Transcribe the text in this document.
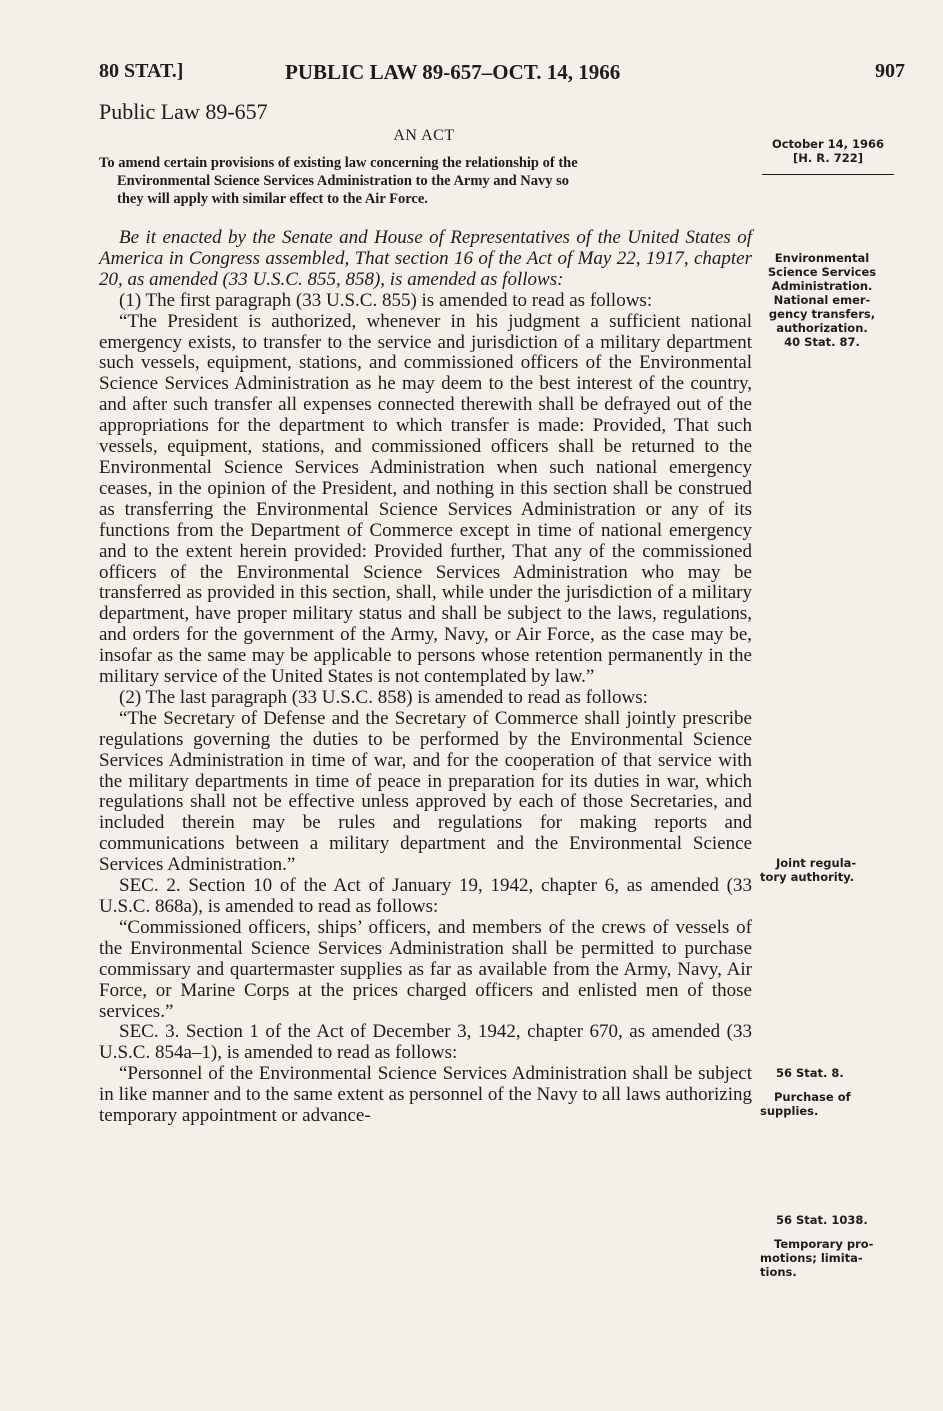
80 STAT.]	PUBLIC LAW 89-657–OCT. 14, 1966	907
Public Law 89-657
AN ACT
To amend certain provisions of existing law concerning the relationship of the
Environmental Science Services Administration to the Army and Navy so
they will apply with similar effect to the Air Force.

Be it enacted by the Senate and House of Representatives of the United States of America in Congress assembled, That section 16 of the Act of May 22, 1917, chapter 20, as amended (33 U.S.C. 855, 858), is amended as follows:

(1) The first paragraph (33 U.S.C. 855) is amended to read as follows:

“The President is authorized, whenever in his judgment a sufficient national emergency exists, to transfer to the service and jurisdiction of a military department such vessels, equipment, stations, and commissioned officers of the Environmental Science Services Administration as he may deem to the best interest of the country, and after such transfer all expenses connected therewith shall be defrayed out of the appropriations for the department to which transfer is made: Provided, That such vessels, equipment, stations, and commissioned officers shall be returned to the Environmental Science Services Administration when such national emergency ceases, in the opinion of the President, and nothing in this section shall be construed as transferring the Environmental Science Services Administration or any of its functions from the Department of Commerce except in time of national emergency and to the extent herein provided: Provided further, That any of the commissioned officers of the Environmental Science Services Administration who may be transferred as provided in this section, shall, while under the jurisdiction of a military department, have proper military status and shall be subject to the laws, regulations, and orders for the government of the Army, Navy, or Air Force, as the case may be, insofar as the same may be applicable to persons whose retention permanently in the military service of the United States is not contemplated by law.”

(2) The last paragraph (33 U.S.C. 858) is amended to read as follows:

“The Secretary of Defense and the Secretary of Commerce shall jointly prescribe regulations governing the duties to be performed by the Environmental Science Services Administration in time of war, and for the cooperation of that service with the military departments in time of peace in preparation for its duties in war, which regulations shall not be effective unless approved by each of those Secretaries, and included therein may be rules and regulations for making reports and communications between a military department and the Environmental Science Services Administration.”

SEC. 2. Section 10 of the Act of January 19, 1942, chapter 6, as amended (33 U.S.C. 868a), is amended to read as follows:

“Commissioned officers, ships’ officers, and members of the crews of vessels of the Environmental Science Services Administration shall be permitted to purchase commissary and quartermaster supplies as far as available from the Army, Navy, Air Force, or Marine Corps at the prices charged officers and enlisted men of those services.”

SEC. 3. Section 1 of the Act of December 3, 1942, chapter 670, as amended (33 U.S.C. 854a–1), is amended to read as follows:

“Personnel of the Environmental Science Services Administration shall be subject in like manner and to the same extent as personnel of the Navy to all laws authorizing temporary appointment or advance-

October 14, 1966
[H. R. 722]
Environmental
Science Services
Administration.
National emer-
gency transfers,
authorization.
40 Stat. 87.
Joint regula-
tory authority.
56 Stat. 8.
Purchase of
supplies.
56 Stat. 1038.
Temporary pro-
motions; limita-
tions.
